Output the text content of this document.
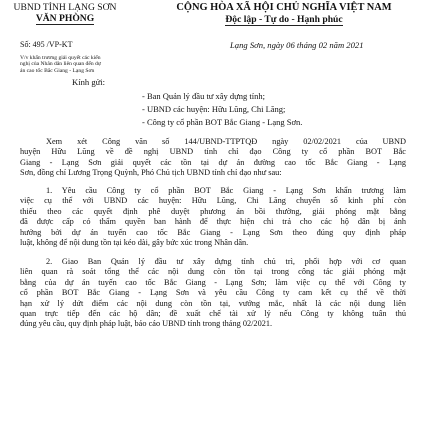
UBND TỈNH LẠNG SƠN
VĂN PHÒNG
CỘNG HÒA XÃ HỘI CHỦ NGHĨA VIỆT NAM
Độc lập - Tự do - Hạnh phúc
Số: 495 /VP-KT	Lạng Sơn, ngày 06 tháng 02 năm 2021
V/v khẩn trương giải quyết các kiến
nghị của Nhân dân liên quan đến dự
án cao tốc Bắc Giang - Lạng Sơn
Kính gửi:
- Ban Quản lý đầu tư xây dựng tỉnh;
- UBND các huyện: Hữu Lũng, Chi Lăng;
- Công ty cổ phần BOT Bắc Giang - Lạng Sơn.
Xem xét Công văn số 144/UBND-TTPTQĐ ngày 02/02/2021 của UBND
huyện Hữu Lũng về đề nghị UBND tỉnh chỉ đạo Công ty cổ phần BOT Bắc
Giang - Lạng Sơn giải quyết các tồn tại dự án đường cao tốc Bắc Giang - Lạng
Sơn, đồng chí Lương Trọng Quỳnh, Phó Chủ tịch UBND tỉnh chỉ đạo như sau:
1. Yêu cầu Công ty cổ phần BOT Bắc Giang - Lạng Sơn khẩn trương làm
việc cụ thể với UBND các huyện: Hữu Lũng, Chi Lăng chuyển số kinh phí còn
thiếu theo các quyết định phê duyệt phương án bồi thường, giải phóng mặt bằng
đã được cấp có thẩm quyền ban hành để thực hiện chi trả cho các hộ dân bị ảnh
hưởng bởi dự án tuyến cao tốc Bắc Giang - Lạng Sơn theo đúng quy định pháp
luật, không để nội dung tồn tại kéo dài, gây bức xúc trong Nhân dân.
2. Giao Ban Quản lý đầu tư xây dựng tỉnh chủ trì, phối hợp với cơ quan
liên quan rà soát tổng thể các nội dung còn tồn tại trong công tác giải phóng mặt
bằng của dự án tuyến cao tốc Bắc Giang - Lạng Sơn; làm việc cụ thể với Công ty
cổ phần BOT Bắc Giang - Lạng Sơn và yêu cầu Công ty cam kết cụ thể về thời
hạn xử lý dứt điểm các nội dung còn tồn tại, vướng mắc, nhất là các nội dung liên
quan trực tiếp đến các hộ dân; đề xuất chế tài xử lý nếu Công ty không tuân thủ
đúng yêu cầu, quy định pháp luật, báo cáo UBND tỉnh trong tháng 02/2021.
